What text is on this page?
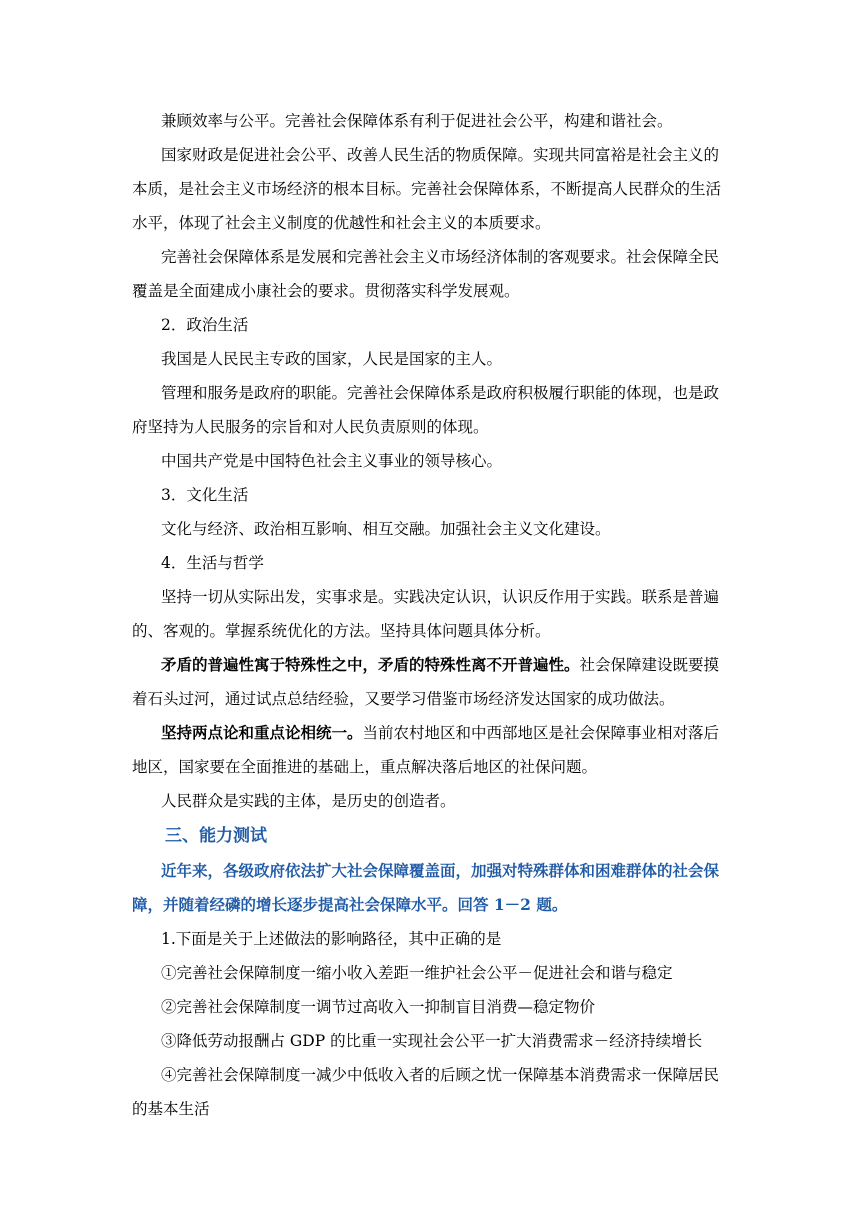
兼顾效率与公平。完善社会保障体系有利于促进社会公平，构建和谐社会。

国家财政是促进社会公平、改善人民生活的物质保障。实现共同富裕是社会主义的本质，是社会主义市场经济的根本目标。完善社会保障体系，不断提高人民群众的生活水平，体现了社会主义制度的优越性和社会主义的本质要求。

完善社会保障体系是发展和完善社会主义市场经济体制的客观要求。社会保障全民覆盖是全面建成小康社会的要求。贯彻落实科学发展观。

2．政治生活

我国是人民民主专政的国家，人民是国家的主人。

管理和服务是政府的职能。完善社会保障体系是政府积极履行职能的体现，也是政府坚持为人民服务的宗旨和对人民负责原则的体现。

中国共产党是中国特色社会主义事业的领导核心。

3．文化生活

文化与经济、政治相互影响、相互交融。加强社会主义文化建设。

4．生活与哲学

坚持一切从实际出发，实事求是。实践决定认识，认识反作用于实践。联系是普遍的、客观的。掌握系统优化的方法。坚持具体问题具体分析。

矛盾的普遍性寓于特殊性之中，矛盾的特殊性离不开普遍性。社会保障建设既要摸着石头过河，通过试点总结经验，又要学习借鉴市场经济发达国家的成功做法。

坚持两点论和重点论相统一。当前农村地区和中西部地区是社会保障事业相对落后地区，国家要在全面推进的基础上，重点解决落后地区的社保问题。

人民群众是实践的主体，是历史的创造者。

三、能力测试

近年来，各级政府依法扩大社会保障覆盖面，加强对特殊群体和困难群体的社会保障，并随着经磷的增长逐步提高社会保障水平。回答 1－2 题。

1.下面是关于上述做法的影响路径，其中正确的是

①完善社会保障制度一缩小收入差距一维护社会公平－促进社会和谐与稳定

②完善社会保障制度一调节过高收入一抑制盲目消费—稳定物价

③降低劳动报酬占 GDP 的比重一实现社会公平一扩大消费需求－经济持续增长

④完善社会保障制度一减少中低收入者的后顾之忧一保障基本消费需求一保障居民的基本生活
